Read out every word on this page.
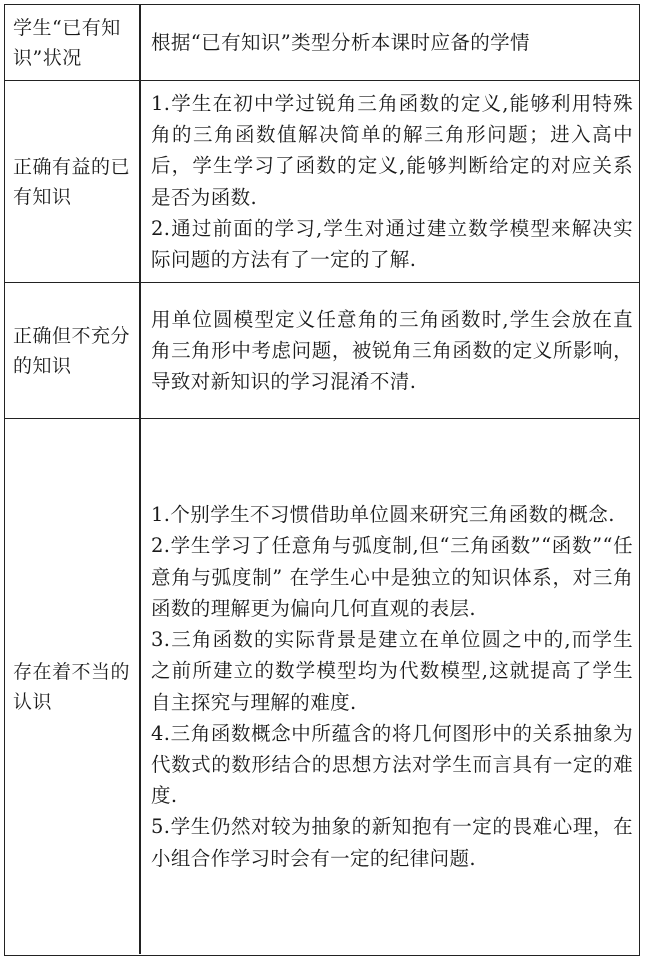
学生“已有知识”状况
根据“已有知识”类型分析本课时应备的学情
正确有益的已有知识

1.学生在初中学过锐角三角函数的定义,能够利用特殊角的三角函数值解决简单的解三角形问题；进入高中后，学生学习了函数的定义,能够判断给定的对应关系是否为函数.

2.通过前面的学习,学生对通过建立数学模型来解决实际问题的方法有了一定的了解.

正确但不充分的知识

用单位圆模型定义任意角的三角函数时,学生会放在直角三角形中考虑问题，被锐角三角函数的定义所影响，导致对新知识的学习混淆不清.

存在着不当的认识

1.个别学生不习惯借助单位圆来研究三角函数的概念.

2.学生学习了任意角与弧度制,但“三角函数”“函数”“任意角与弧度制” 在学生心中是独立的知识体系，对三角函数的理解更为偏向几何直观的表层.

3.三角函数的实际背景是建立在单位圆之中的,而学生之前所建立的数学模型均为代数模型,这就提高了学生自主探究与理解的难度.

4.三角函数概念中所蕴含的将几何图形中的关系抽象为代数式的数形结合的思想方法对学生而言具有一定的难度.

5.学生仍然对较为抽象的新知抱有一定的畏难心理，在小组合作学习时会有一定的纪律问题.
